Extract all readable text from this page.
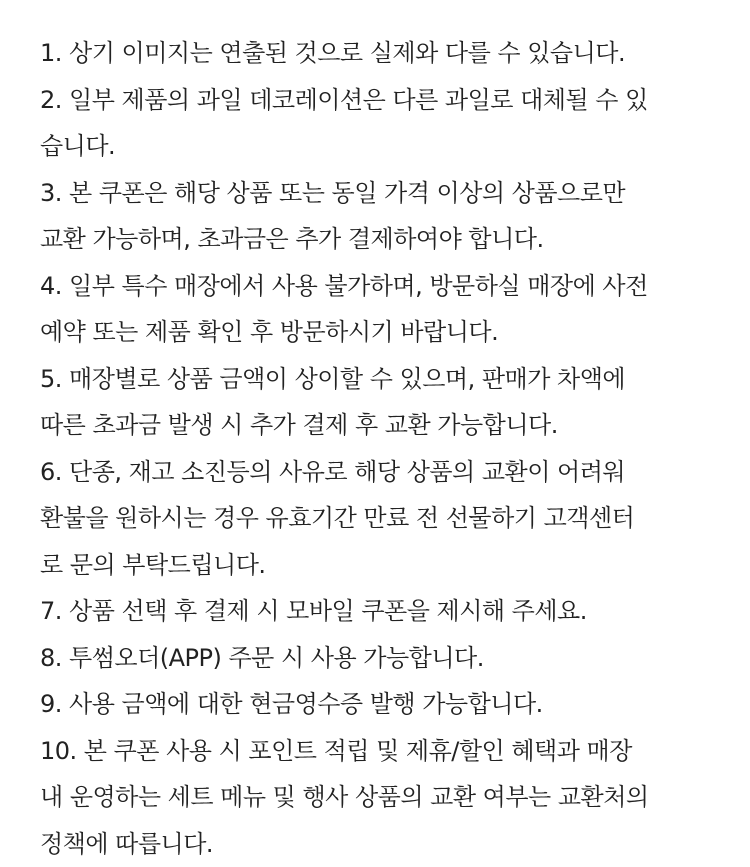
1. 상기 이미지는 연출된 것으로 실제와 다를 수 있습니다.

2. 일부 제품의 과일 데코레이션은 다른 과일로 대체될 수 있
습니다.

3. 본 쿠폰은 해당 상품 또는 동일 가격 이상의 상품으로만
교환 가능하며, 초과금은 추가 결제하여야 합니다.

4. 일부 특수 매장에서 사용 불가하며, 방문하실 매장에 사전
예약 또는 제품 확인 후 방문하시기 바랍니다.

5. 매장별로 상품 금액이 상이할 수 있으며, 판매가 차액에
따른 초과금 발생 시 추가 결제 후 교환 가능합니다.

6. 단종, 재고 소진등의 사유로 해당 상품의 교환이 어려워
환불을 원하시는 경우 유효기간 만료 전 선물하기 고객센터
로 문의 부탁드립니다.

7. 상품 선택 후 결제 시 모바일 쿠폰을 제시해 주세요.

8. 투썸오더(APP) 주문 시 사용 가능합니다.

9. 사용 금액에 대한 현금영수증 발행 가능합니다.

10. 본 쿠폰 사용 시 포인트 적립 및 제휴/할인 혜택과 매장
내 운영하는 세트 메뉴 및 행사 상품의 교환 여부는 교환처의
정책에 따릅니다.
